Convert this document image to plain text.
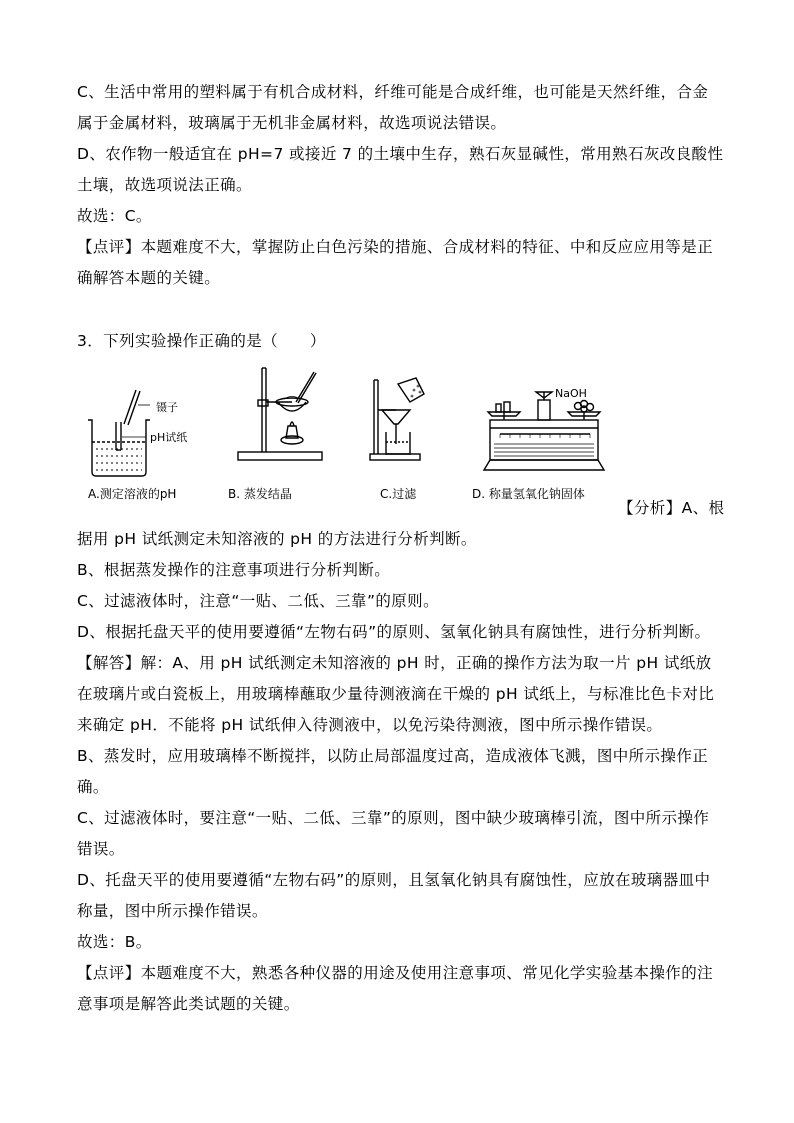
C、生活中常用的塑料属于有机合成材料，纤维可能是合成纤维，也可能是天然纤维，合金
属于金属材料，玻璃属于无机非金属材料，故选项说法错误。
D、农作物一般适宜在 pH=7 或接近 7 的土壤中生存，熟石灰显碱性，常用熟石灰改良酸性
土壤，故选项说法正确。
故选：C。
【点评】本题难度不大，掌握防止白色污染的措施、合成材料的特征、中和反应应用等是正
确解答本题的关键。
3．下列实验操作正确的是（　　）
镊子
pH试纸
NaOH
A.测定溶液的pH	B. 蒸发结晶	C.过滤	D. 称量氢氧化钠固体
【分析】A、根
据用 pH 试纸测定未知溶液的 pH 的方法进行分析判断。
B、根据蒸发操作的注意事项进行分析判断。
C、过滤液体时，注意“一贴、二低、三靠”的原则。
D、根据托盘天平的使用要遵循“左物右码”的原则、氢氧化钠具有腐蚀性，进行分析判断。
【解答】解：A、用 pH 试纸测定未知溶液的 pH 时，正确的操作方法为取一片 pH 试纸放
在玻璃片或白瓷板上，用玻璃棒蘸取少量待测液滴在干燥的 pH 试纸上，与标准比色卡对比
来确定 pH．不能将 pH 试纸伸入待测液中，以免污染待测液，图中所示操作错误。
B、蒸发时，应用玻璃棒不断搅拌，以防止局部温度过高，造成液体飞溅，图中所示操作正
确。
C、过滤液体时，要注意“一贴、二低、三靠”的原则，图中缺少玻璃棒引流，图中所示操作
错误。
D、托盘天平的使用要遵循“左物右码”的原则，且氢氧化钠具有腐蚀性，应放在玻璃器皿中
称量，图中所示操作错误。
故选：B。
【点评】本题难度不大，熟悉各种仪器的用途及使用注意事项、常见化学实验基本操作的注
意事项是解答此类试题的关键。
